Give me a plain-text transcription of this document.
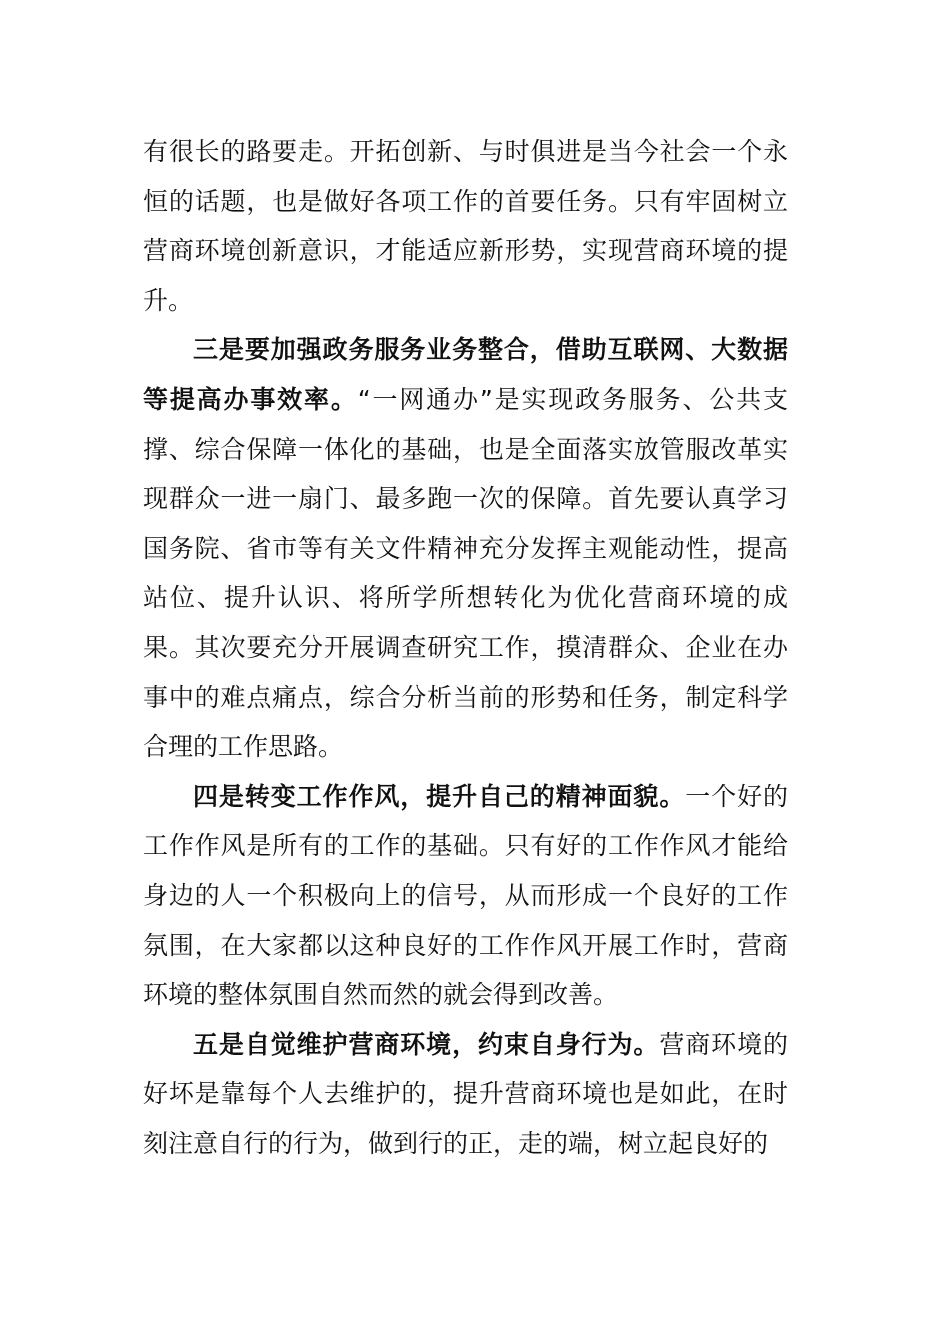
有很长的路要走。开拓创新、与时俱进是当今社会一个永恒的话题，也是做好各项工作的首要任务。只有牢固树立营商环境创新意识，才能适应新形势，实现营商环境的提升。

三是要加强政务服务业务整合，借助互联网、大数据等提高办事效率。“一网通办”是实现政务服务、公共支撑、综合保障一体化的基础，也是全面落实放管服改革实现群众一进一扇门、最多跑一次的保障。首先要认真学习国务院、省市等有关文件精神充分发挥主观能动性，提高站位、提升认识、将所学所想转化为优化营商环境的成果。其次要充分开展调查研究工作，摸清群众、企业在办事中的难点痛点，综合分析当前的形势和任务，制定科学合理的工作思路。

四是转变工作作风，提升自己的精神面貌。一个好的工作作风是所有的工作的基础。只有好的工作作风才能给身边的人一个积极向上的信号，从而形成一个良好的工作氛围，在大家都以这种良好的工作作风开展工作时，营商环境的整体氛围自然而然的就会得到改善。

五是自觉维护营商环境，约束自身行为。营商环境的好坏是靠每个人去维护的，提升营商环境也是如此，在时刻注意自行的行为，做到行的正，走的端，树立起良好的
